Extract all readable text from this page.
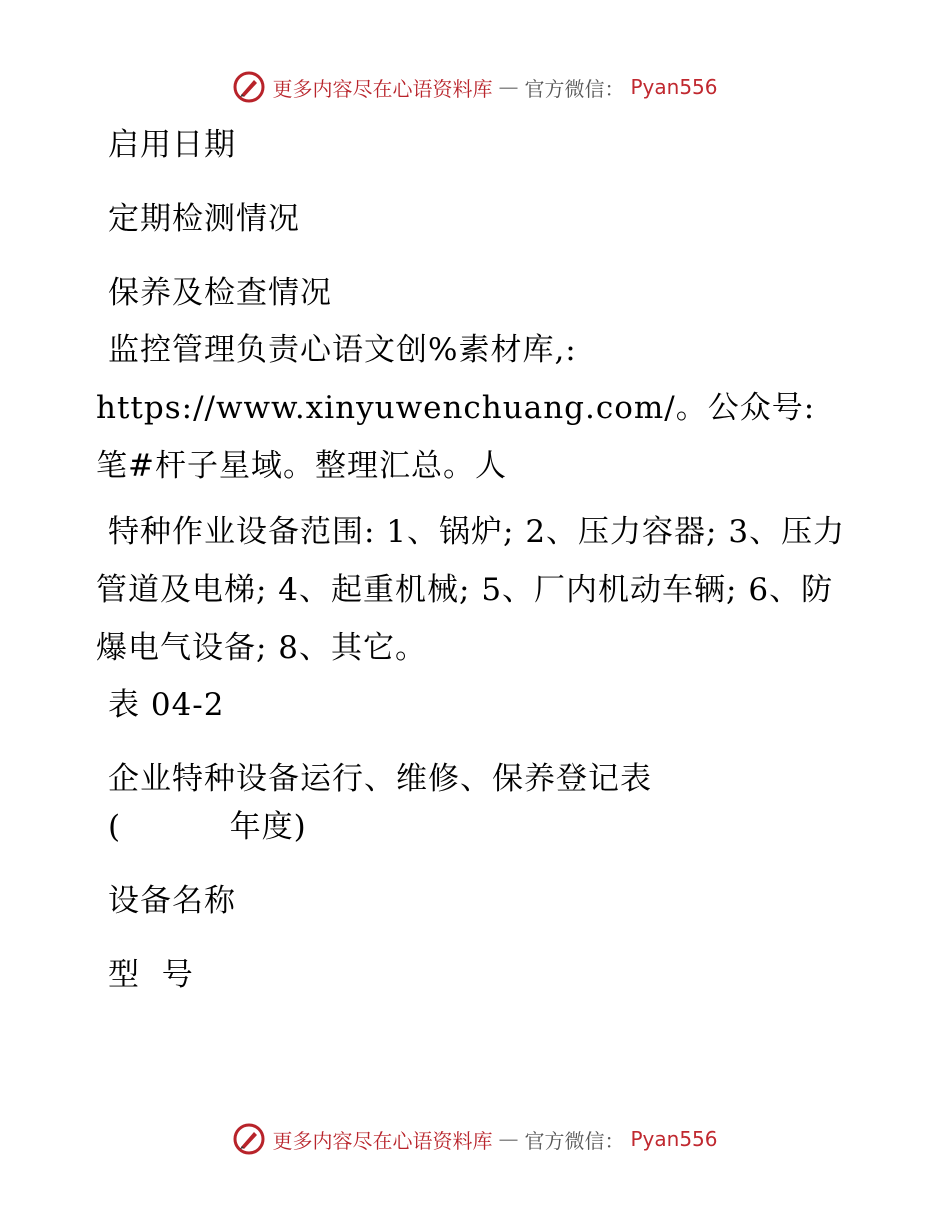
更多内容尽在心语资料库 — 官方微信： Pyan556

启用日期

定期检测情况

保养及检查情况

监控管理负责心语文创%素材库,: https://www.xinyuwenchuang.com/。公众号: 笔#杆子星域。整理汇总。人

特种作业设备范围: 1、锅炉; 2、压力容器; 3、压力管道及电梯; 4、起重机械; 5、厂内机动车辆; 6、防爆电气设备; 8、其它。

表 04-2

企业特种设备运行、维修、保养登记表

(          年度)

设备名称

型  号

更多内容尽在心语资料库 — 官方微信： Pyan556
